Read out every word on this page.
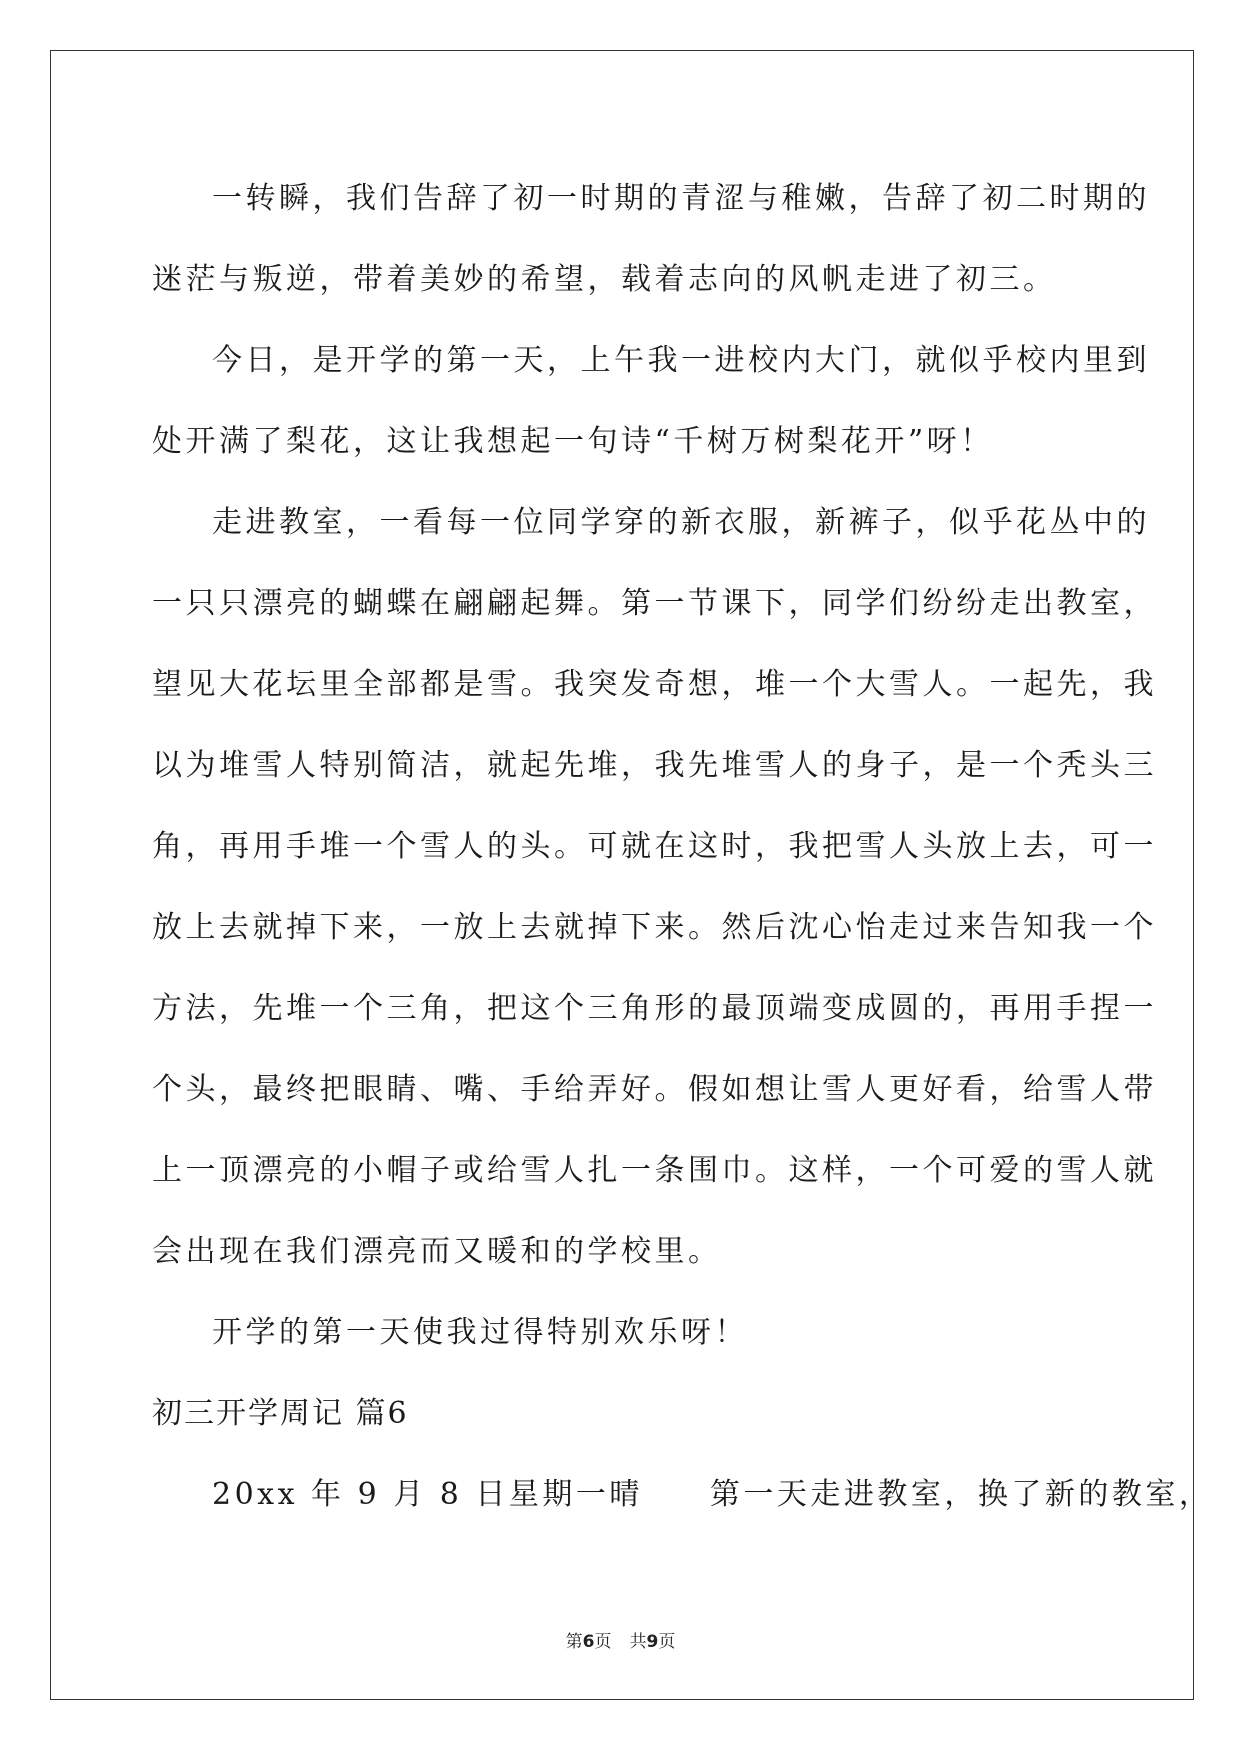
一转瞬，我们告辞了初一时期的青涩与稚嫩，告辞了初二时期的
迷茫与叛逆，带着美妙的希望，载着志向的风帆走进了初三。
今日，是开学的第一天，上午我一进校内大门，就似乎校内里到
处开满了梨花，这让我想起一句诗“千树万树梨花开”呀！
走进教室，一看每一位同学穿的新衣服，新裤子，似乎花丛中的
一只只漂亮的蝴蝶在翩翩起舞。第一节课下，同学们纷纷走出教室，
望见大花坛里全部都是雪。我突发奇想，堆一个大雪人。一起先，我
以为堆雪人特别简洁，就起先堆，我先堆雪人的身子，是一个秃头三
角，再用手堆一个雪人的头。可就在这时，我把雪人头放上去，可一
放上去就掉下来，一放上去就掉下来。然后沈心怡走过来告知我一个
方法，先堆一个三角，把这个三角形的最顶端变成圆的，再用手捏一
个头，最终把眼睛、嘴、手给弄好。假如想让雪人更好看，给雪人带
上一顶漂亮的小帽子或给雪人扎一条围巾。这样，一个可爱的雪人就
会出现在我们漂亮而又暖和的学校里。
开学的第一天使我过得特别欢乐呀！
初三开学周记 篇6
20xx 年 9 月 8 日星期一晴　　第一天走进教室，换了新的教室，
第6页 共9页
